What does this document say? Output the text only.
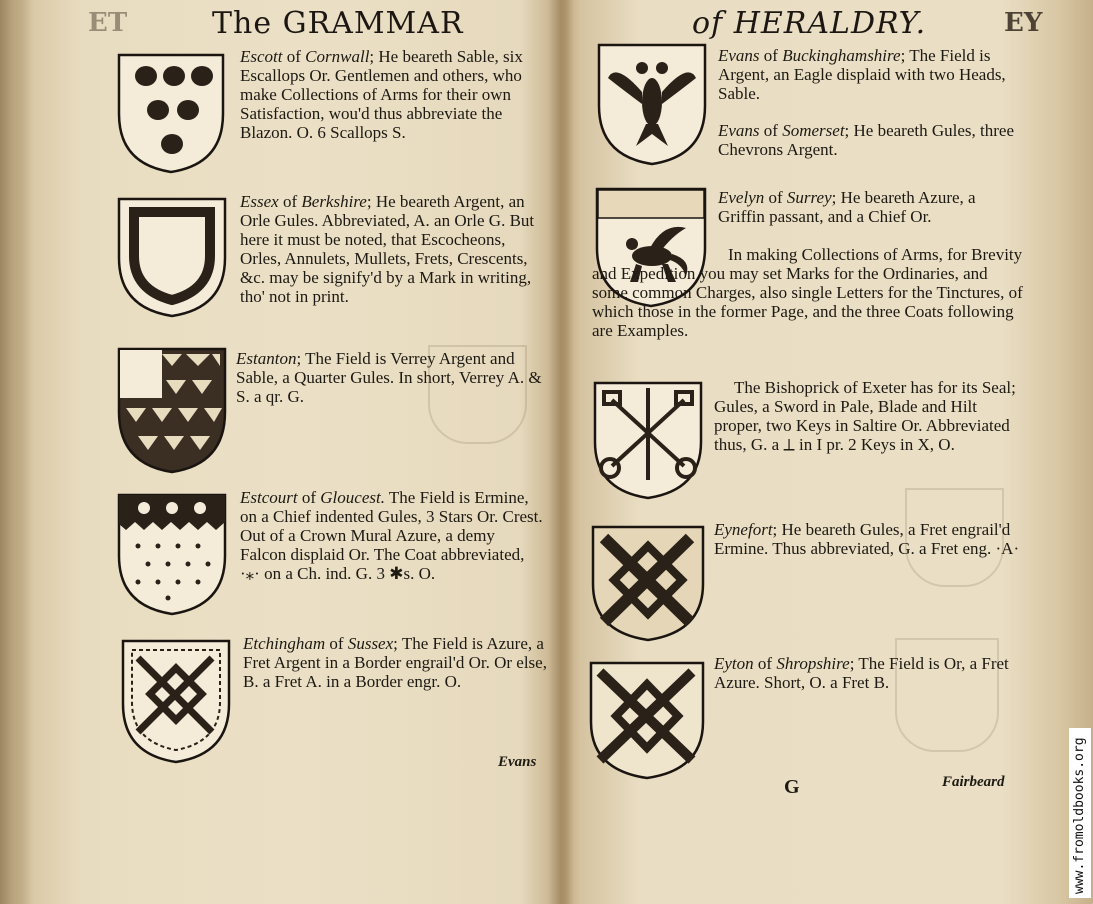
ET	The GRAMMAR
Escott of Cornwall; He beareth Sable, six Escallops Or. Gentlemen and others, who make Collections of Arms for their own Satisfaction, wou'd thus abbreviate the Blazon. O. 6 Scallops S.
Essex of Berkshire; He beareth Argent, an Orle Gules. Abbreviated, A. an Orle G. But here it must be noted, that Escocheons, Orles, Annulets, Mullets, Frets, Crescents, &c. may be signify'd by a Mark in writing, tho' not in print.
Estanton; The Field is Verrey Argent and Sable, a Quarter Gules. In short, Verrey A. & S. a qr. G.
Estcourt of Gloucest. The Field is Ermine, on a Chief indented Gules, 3 Stars Or. Crest. Out of a Crown Mural Azure, a demy Falcon displaid Or. The Coat abbreviated, ·⁎· on a Ch. ind. G. 3 ✱s. O.
Etchingham of Sussex; The Field is Azure, a Fret Argent in a Border engrail'd Or. Or else, B. a Fret A. in a Border engr. O.
Evans
of HERALDRY.	EY
Evans of Buckinghamshire; The Field is Argent, an Eagle displaid with two Heads, Sable.
Evans of Somerset; He beareth Gules, three Chevrons Argent.
Evelyn of Surrey; He beareth Azure, a Griffin passant, and a Chief Or.
In making Collections of Arms, for Brevity and Expedition you may set Marks for the Ordinaries, and some common Charges, also single Letters for the Tinctures, of which those in the former Page, and the three Coats following are Examples.
The Bishoprick of Exeter has for its Seal; Gules, a Sword in Pale, Blade and Hilt proper, two Keys in Saltire Or. Abbreviated thus, G. a ⟂ in I pr. 2 Keys in X, O.
Eynefort; He beareth Gules, a Fret engrail'd Ermine. Thus abbreviated, G. a Fret eng. ·A·
Eyton of Shropshire; The Field is Or, a Fret Azure. Short, O. a Fret B.
G	Fairbeard	www.fromoldbooks.org
